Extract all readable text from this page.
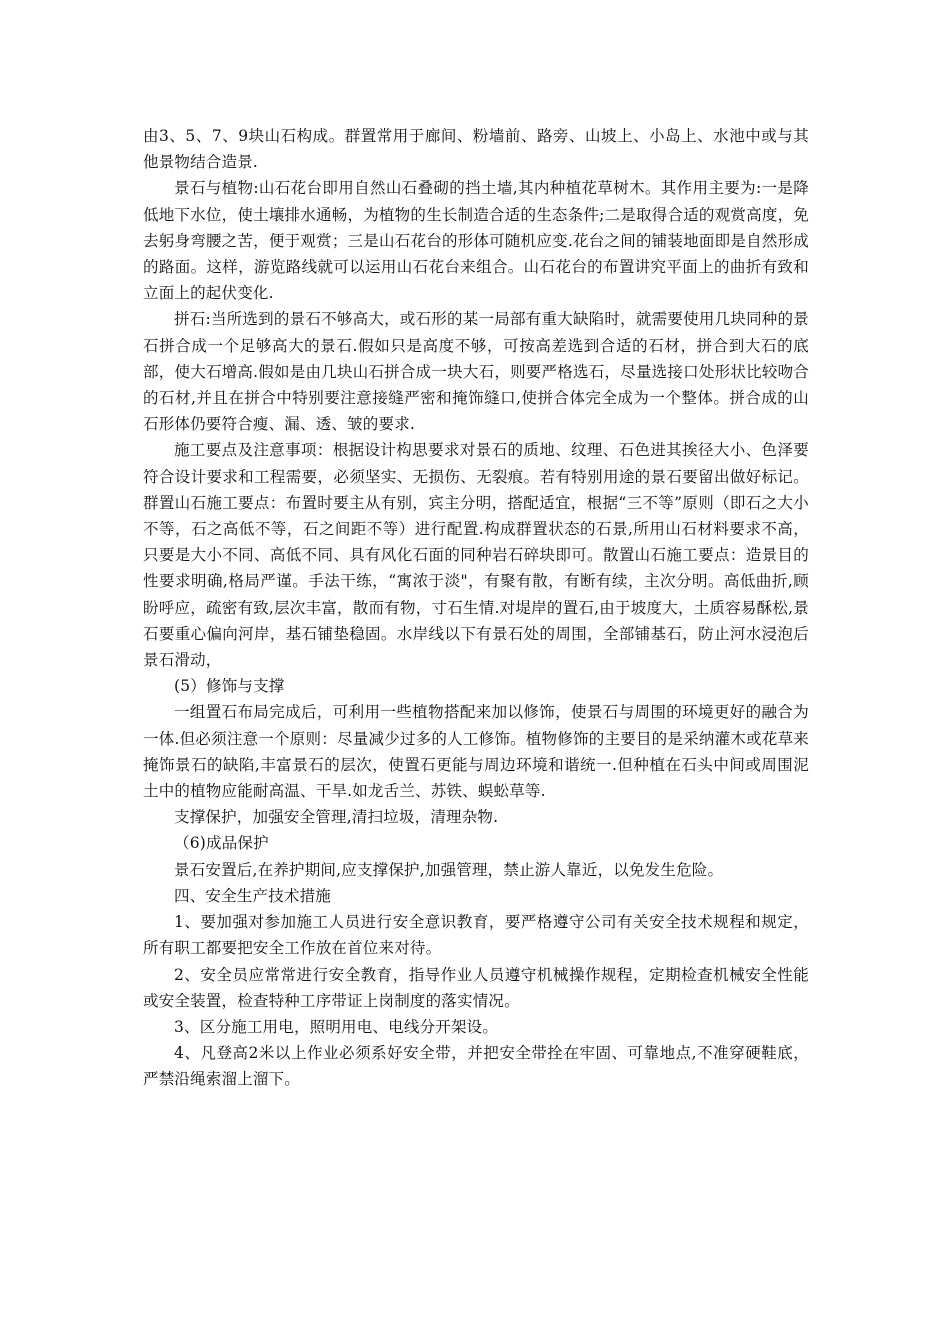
由3、5、7、9块山石构成。群置常用于廊间、粉墙前、路旁、山坡上、小岛上、水池中或与其他景物结合造景.

景石与植物:山石花台即用自然山石叠砌的挡土墙,其内种植花草树木。其作用主要为:一是降低地下水位，使土壤排水通畅，为植物的生长制造合适的生态条件;二是取得合适的观赏高度，免去躬身弯腰之苦，便于观赏；三是山石花台的形体可随机应变.花台之间的铺装地面即是自然形成的路面。这样，游览路线就可以运用山石花台来组合。山石花台的布置讲究平面上的曲折有致和立面上的起伏变化.

拼石:当所选到的景石不够高大，或石形的某一局部有重大缺陷时，就需要使用几块同种的景石拼合成一个足够高大的景石.假如只是高度不够，可按高差选到合适的石材，拼合到大石的底部，使大石增高.假如是由几块山石拼合成一块大石，则要严格选石，尽量选接口处形状比较吻合的石材,并且在拼合中特别要注意接缝严密和掩饰缝口,使拼合体完全成为一个整体。拼合成的山石形体仍要符合瘦、漏、透、皱的要求.

施工要点及注意事项：根据设计构思要求对景石的质地、纹理、石色进其挨径大小、色泽要符合设计要求和工程需要，必须坚实、无损伤、无裂痕。若有特别用途的景石要留出做好标记。群置山石施工要点：布置时要主从有别，宾主分明，搭配适宜，根据“三不等”原则（即石之大小不等，石之高低不等，石之间距不等）进行配置.构成群置状态的石景,所用山石材料要求不高，只要是大小不同、高低不同、具有风化石面的同种岩石碎块即可。散置山石施工要点：造景目的性要求明确,格局严谨。手法干练，“寓浓于淡"，有聚有散，有断有续，主次分明。高低曲折,顾盼呼应，疏密有致,层次丰富，散而有物，寸石生情.对堤岸的置石,由于坡度大，土质容易酥松,景石要重心偏向河岸，基石铺垫稳固。水岸线以下有景石处的周围，全部铺基石，防止河水浸泡后景石滑动，

(5）修饰与支撑

一组置石布局完成后，可利用一些植物搭配来加以修饰，使景石与周围的环境更好的融合为一体.但必须注意一个原则：尽量减少过多的人工修饰。植物修饰的主要目的是采纳灌木或花草来掩饰景石的缺陷,丰富景石的层次，使置石更能与周边环境和谐统一.但种植在石头中间或周围泥土中的植物应能耐高温、干旱.如龙舌兰、苏铁、蜈蚣草等.

支撑保护，加强安全管理,清扫垃圾，清理杂物.

（6)成品保护

景石安置后,在养护期间,应支撑保护,加强管理，禁止游人靠近，以免发生危险。

四、安全生产技术措施

1、要加强对参加施工人员进行安全意识教育，要严格遵守公司有关安全技术规程和规定，所有职工都要把安全工作放在首位来对待。

2、安全员应常常进行安全教育，指导作业人员遵守机械操作规程，定期检查机械安全性能或安全装置，检查特种工序带证上岗制度的落实情况。

3、区分施工用电，照明用电、电线分开架设。

4、凡登高2米以上作业必须系好安全带，并把安全带拴在牢固、可靠地点,不准穿硬鞋底，严禁沿绳索溜上溜下。
